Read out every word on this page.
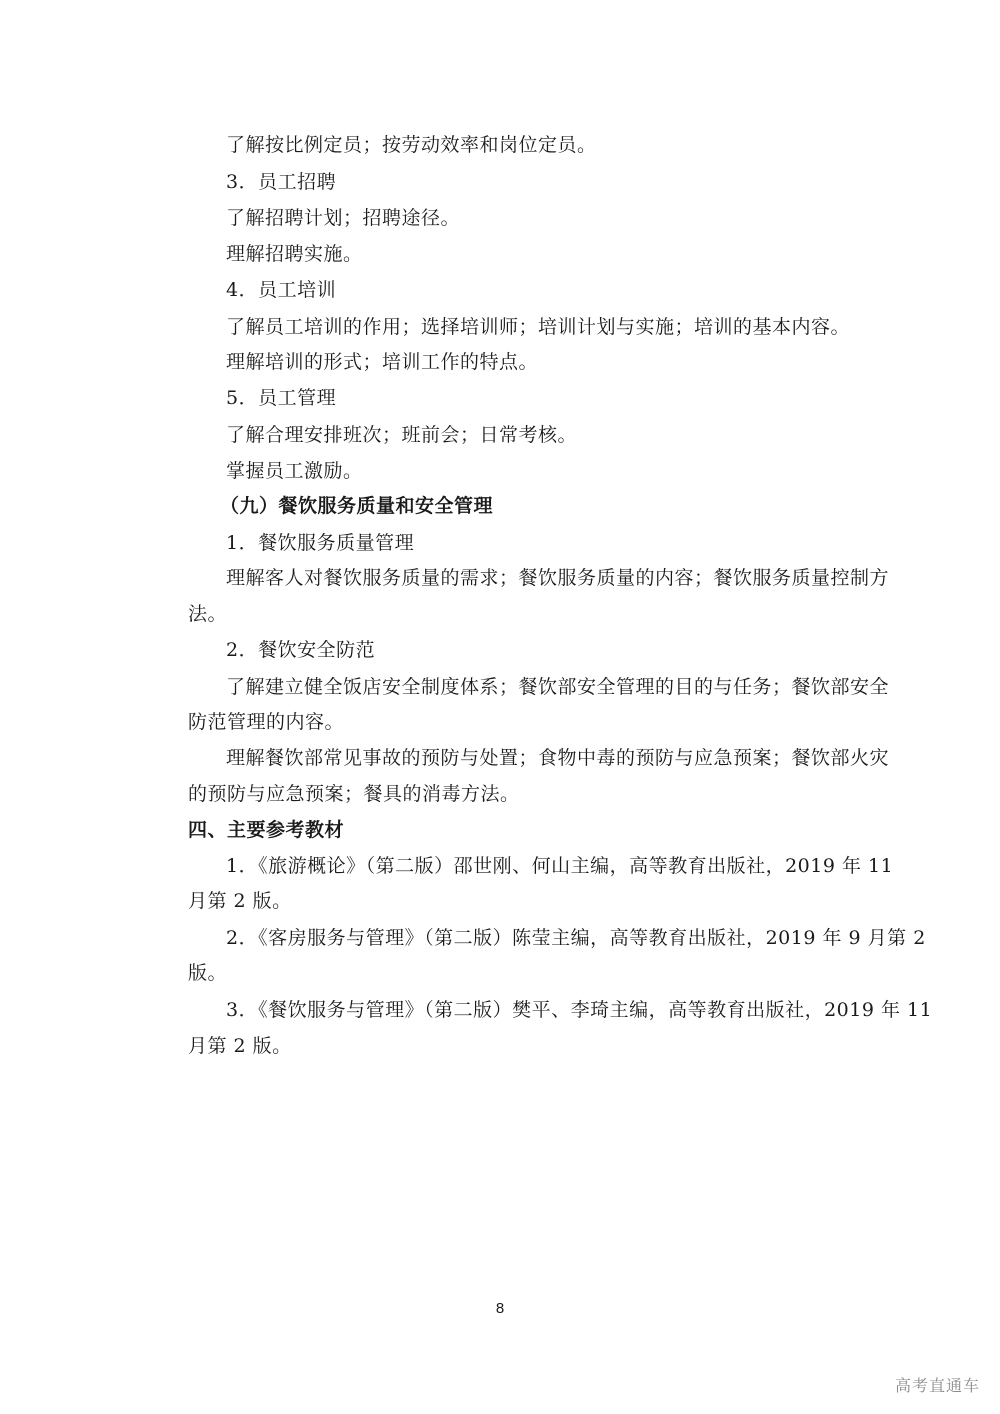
了解按比例定员；按劳动效率和岗位定员。
3．员工招聘
了解招聘计划；招聘途径。
理解招聘实施。
4．员工培训
了解员工培训的作用；选择培训师；培训计划与实施；培训的基本内容。
理解培训的形式；培训工作的特点。
5．员工管理
了解合理安排班次；班前会；日常考核。
掌握员工激励。
（九）餐饮服务质量和安全管理
1．餐饮服务质量管理
理解客人对餐饮服务质量的需求；餐饮服务质量的内容；餐饮服务质量控制方
法。
2．餐饮安全防范
了解建立健全饭店安全制度体系；餐饮部安全管理的目的与任务；餐饮部安全
防范管理的内容。
理解餐饮部常见事故的预防与处置；食物中毒的预防与应急预案；餐饮部火灾
的预防与应急预案；餐具的消毒方法。
四、主要参考教材
1．《旅游概论》（第二版）邵世刚、何山主编，高等教育出版社，2019 年 11
月第 2 版。
2．《客房服务与管理》（第二版）陈莹主编，高等教育出版社，2019 年 9 月第 2
版。
3．《餐饮服务与管理》（第二版）樊平、李琦主编，高等教育出版社，2019 年 11
月第 2 版。
8
高考直通车
